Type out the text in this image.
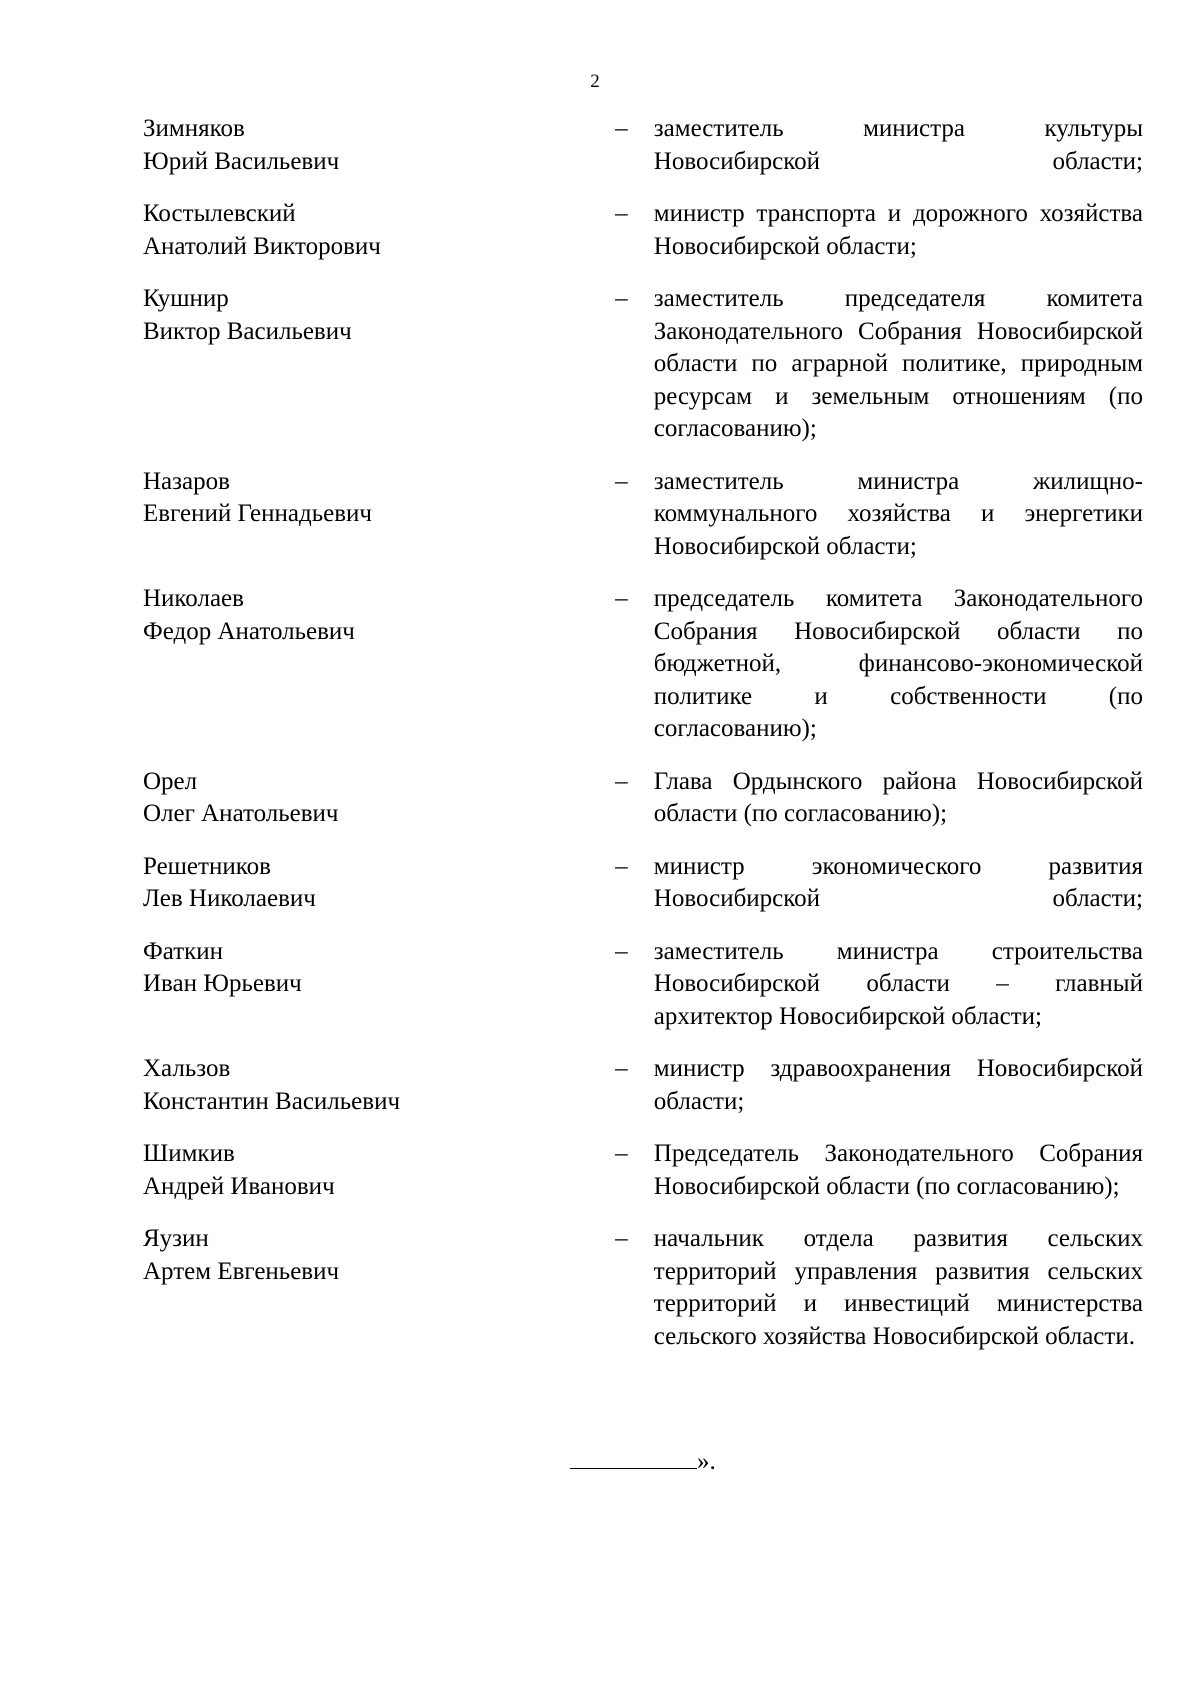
2
Зимняков
Юрий Васильевич
–	заместитель министра культуры Новосибирской области;
Костылевский
Анатолий Викторович
–	министр транспорта и дорожного хозяйства Новосибирской области;
Кушнир
Виктор Васильевич
–	заместитель председателя комитета Законодательного Собрания Новосибирской области по аграрной политике, природным ресурсам и земельным отношениям (по согласованию);
Назаров
Евгений Геннадьевич
–	заместитель министра жилищно-коммунального хозяйства и энергетики Новосибирской области;
Николаев
Федор Анатольевич
–	председатель комитета Законодательного Собрания Новосибирской области по бюджетной, финансово-экономической политике и собственности (по согласованию);
Орел
Олег Анатольевич
–	Глава Ордынского района Новосибирской области (по согласованию);
Решетников
Лев Николаевич
–	министр экономического развития Новосибирской области;
Фаткин
Иван Юрьевич
–	заместитель министра строительства Новосибирской области – главный архитектор Новосибирской области;
Хальзов
Константин Васильевич
–	министр здравоохранения Новосибирской области;
Шимкив
Андрей Иванович
–	Председатель Законодательного Собрания Новосибирской области (по согласованию);
Яузин
Артем Евгеньевич
–	начальник отдела развития сельских территорий управления развития сельских территорий и инвестиций министерства сельского хозяйства Новосибирской области.
».
